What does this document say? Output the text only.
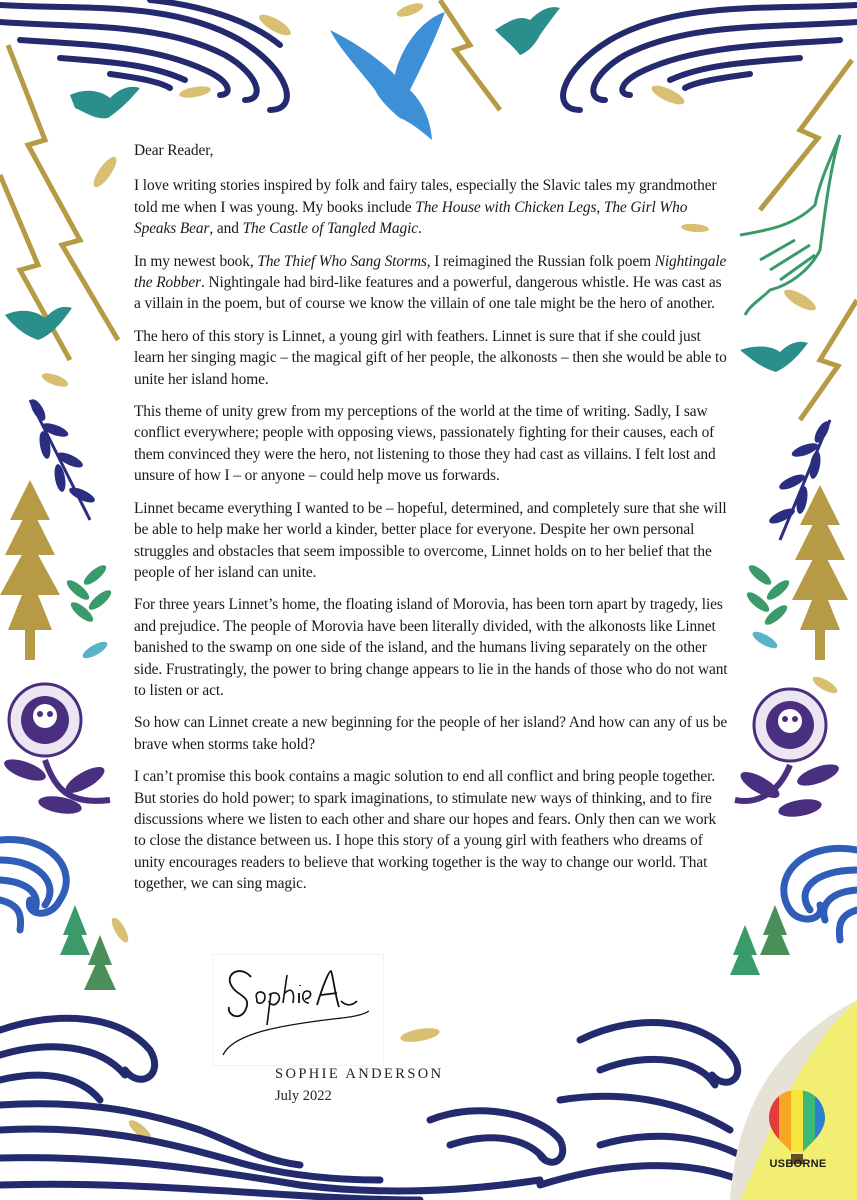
Dear Reader,

I love writing stories inspired by folk and fairy tales, especially the Slavic tales my grandmother told me when I was young. My books include The House with Chicken Legs, The Girl Who Speaks Bear, and The Castle of Tangled Magic.

In my newest book, The Thief Who Sang Storms, I reimagined the Russian folk poem Nightingale the Robber. Nightingale had bird-like features and a powerful, dangerous whistle. He was cast as a villain in the poem, but of course we know the villain of one tale might be the hero of another.

The hero of this story is Linnet, a young girl with feathers. Linnet is sure that if she could just learn her singing magic – the magical gift of her people, the alkonosts – then she would be able to unite her island home.

This theme of unity grew from my perceptions of the world at the time of writing. Sadly, I saw conflict everywhere; people with opposing views, passionately fighting for their causes, each of them convinced they were the hero, not listening to those they had cast as villains. I felt lost and unsure of how I – or anyone – could help move us forwards.

Linnet became everything I wanted to be – hopeful, determined, and completely sure that she will be able to help make her world a kinder, better place for everyone. Despite her own personal struggles and obstacles that seem impossible to overcome, Linnet holds on to her belief that the people of her island can unite.

For three years Linnet’s home, the floating island of Morovia, has been torn apart by tragedy, lies and prejudice. The people of Morovia have been literally divided, with the alkonosts like Linnet banished to the swamp on one side of the island, and the humans living separately on the other side. Frustratingly, the power to bring change appears to lie in the hands of those who do not want to listen or act.

So how can Linnet create a new beginning for the people of her island? And how can any of us be brave when storms take hold?

I can’t promise this book contains a magic solution to end all conflict and bring people together. But stories do hold power; to spark imaginations, to stimulate new ways of thinking, and to fire discussions where we listen to each other and share our hopes and fears. Only then can we work to close the distance between us. I hope this story of a young girl with feathers who dreams of unity encourages readers to believe that working together is the way to change our world. That together, we can sing magic.

SOPHIE ANDERSON
July 2022
USBORNE
